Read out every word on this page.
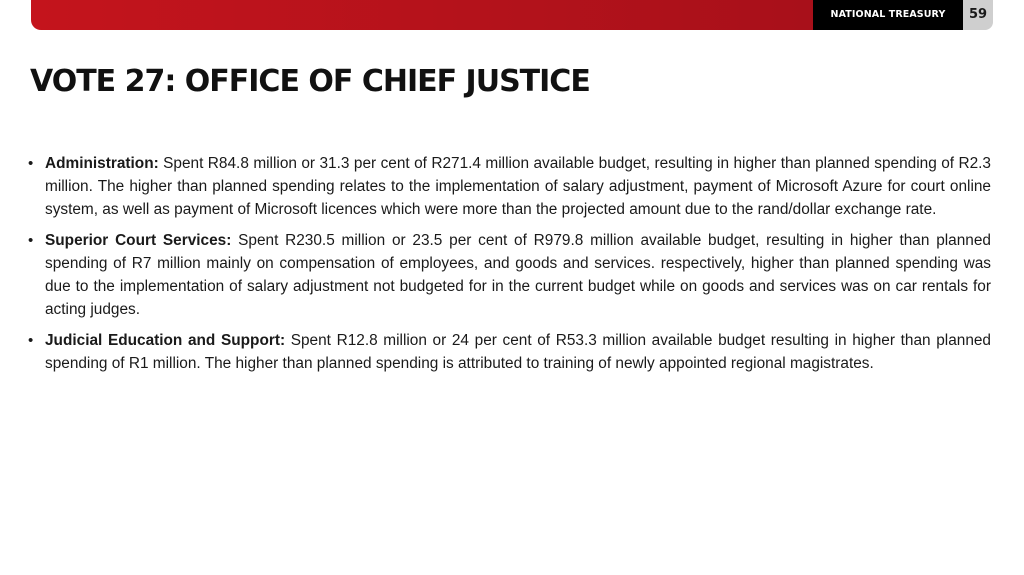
NATIONAL TREASURY	59
VOTE 27: OFFICE OF CHIEF JUSTICE
• Administration: Spent R84.8 million or 31.3 per cent of R271.4 million available budget, resulting in higher than planned spending of R2.3 million. The higher than planned spending relates to the implementation of salary adjustment, payment of Microsoft Azure for court online system, as well as payment of Microsoft licences which were more than the projected amount due to the rand/dollar exchange rate.
• Superior Court Services: Spent R230.5 million or 23.5 per cent of R979.8 million available budget, resulting in higher than planned spending of R7 million mainly on compensation of employees, and goods and services. respectively, higher than planned spending was due to the implementation of salary adjustment not budgeted for in the current budget while on goods and services was on car rentals for acting judges.
• Judicial Education and Support: Spent R12.8 million or 24 per cent of R53.3 million available budget resulting in higher than planned spending of R1 million. The higher than planned spending is attributed to training of newly appointed regional magistrates.
